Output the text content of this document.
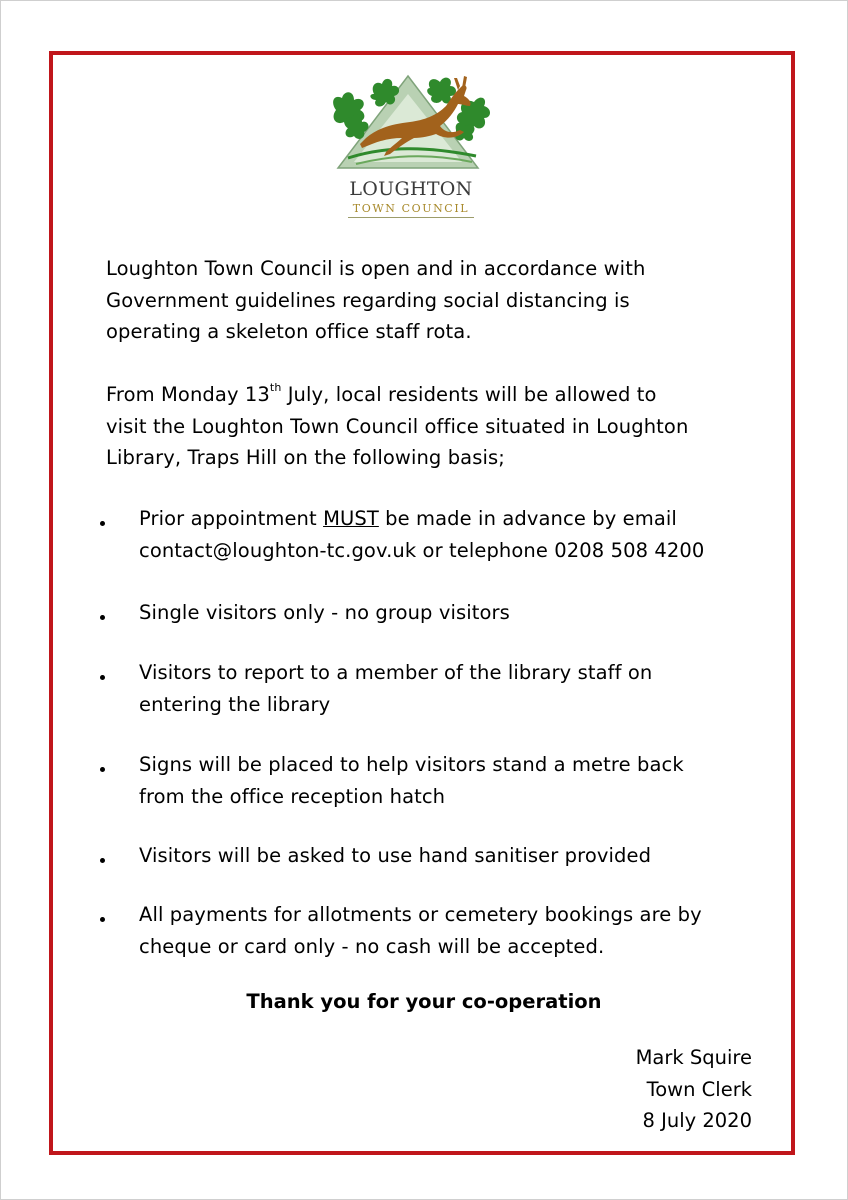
LOUGHTON
TOWN COUNCIL
Loughton Town Council is open and in accordance with
Government guidelines regarding social distancing is
operating a skeleton office staff rota.
From Monday 13th July, local residents will be allowed to
visit the Loughton Town Council office situated in Loughton
Library, Traps Hill on the following basis;
Prior appointment MUST be made in advance by email
contact@loughton-tc.gov.uk or telephone 0208 508 4200
Single visitors only - no group visitors
Visitors to report to a member of the library staff on
entering the library
Signs will be placed to help visitors stand a metre back
from the office reception hatch
Visitors will be asked to use hand sanitiser provided
All payments for allotments or cemetery bookings are by
cheque or card only - no cash will be accepted.
Thank you for your co-operation
Mark Squire
Town Clerk
8 July 2020
